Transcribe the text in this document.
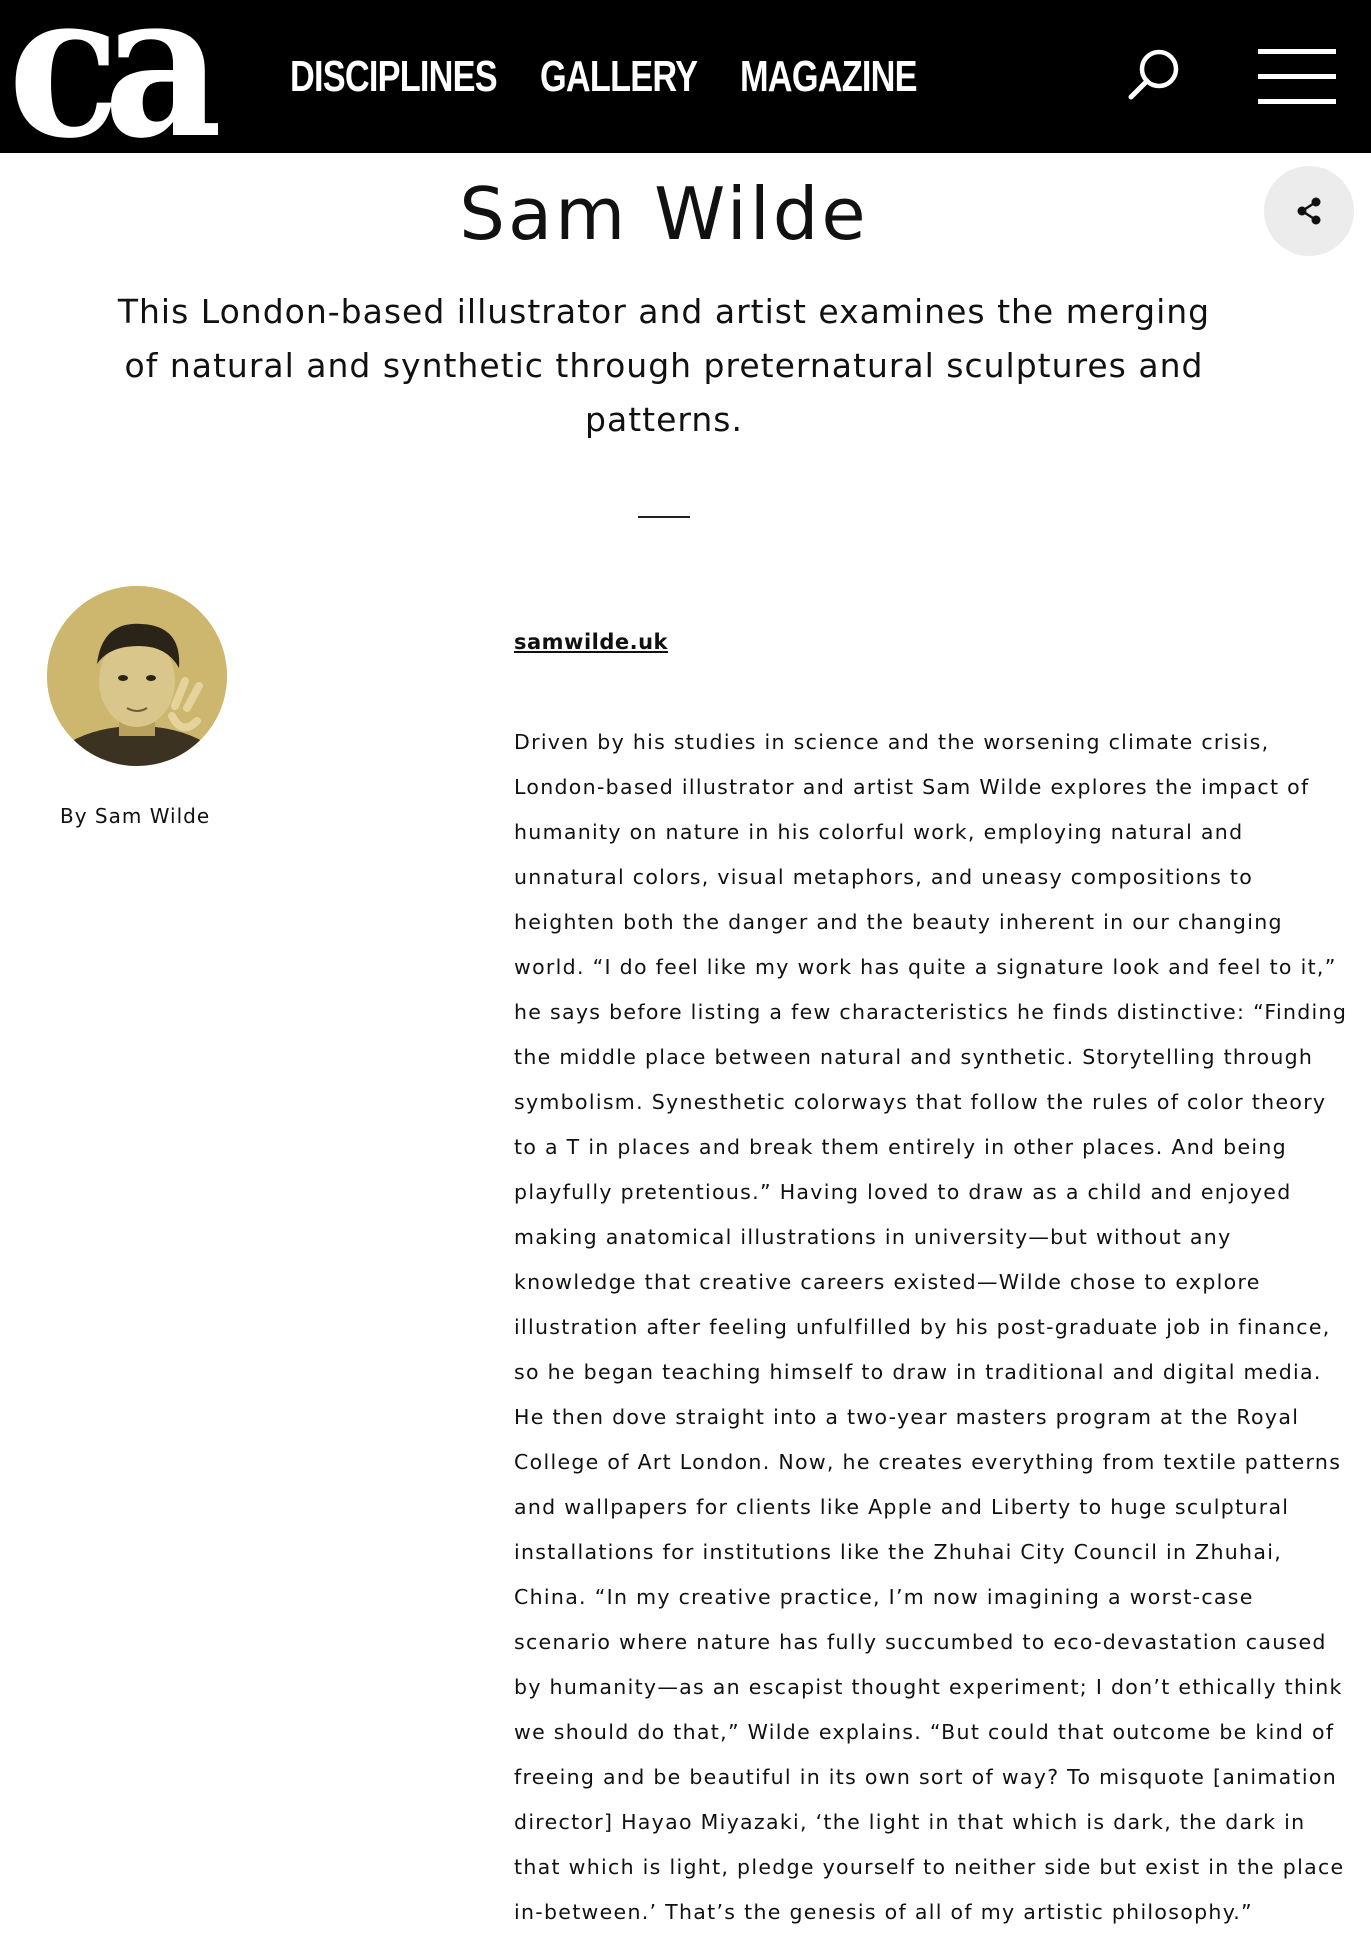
ca DISCIPLINES GALLERY MAGAZINE
Sam Wilde

This London-based illustrator and artist examines the merging of natural and synthetic through preternatural sculptures and patterns.

By Sam Wilde
samwilde.uk

Driven by his studies in science and the worsening climate crisis, London-based illustrator and artist Sam Wilde explores the impact of humanity on nature in his colorful work, employing natural and unnatural colors, visual metaphors, and uneasy compositions to heighten both the danger and the beauty inherent in our changing world. “I do feel like my work has quite a signature look and feel to it,” he says before listing a few characteristics he finds distinctive: “Finding the middle place between natural and synthetic. Storytelling through symbolism. Synesthetic colorways that follow the rules of color theory to a T in places and break them entirely in other places. And being playfully pretentious.” Having loved to draw as a child and enjoyed making anatomical illustrations in university—but without any knowledge that creative careers existed—Wilde chose to explore illustration after feeling unfulfilled by his post-graduate job in finance, so he began teaching himself to draw in traditional and digital media. He then dove straight into a two-year masters program at the Royal College of Art London. Now, he creates everything from textile patterns and wallpapers for clients like Apple and Liberty to huge sculptural installations for institutions like the Zhuhai City Council in Zhuhai, China. “In my creative practice, I’m now imagining a worst-case scenario where nature has fully succumbed to eco-devastation caused by humanity—as an escapist thought experiment; I don’t ethically think we should do that,” Wilde explains. “But could that outcome be kind of freeing and be beautiful in its own sort of way? To misquote [animation director] Hayao Miyazaki, ‘the light in that which is dark, the dark in that which is light, pledge yourself to neither side but exist in the place in-between.’ That’s the genesis of all of my artistic philosophy.”
